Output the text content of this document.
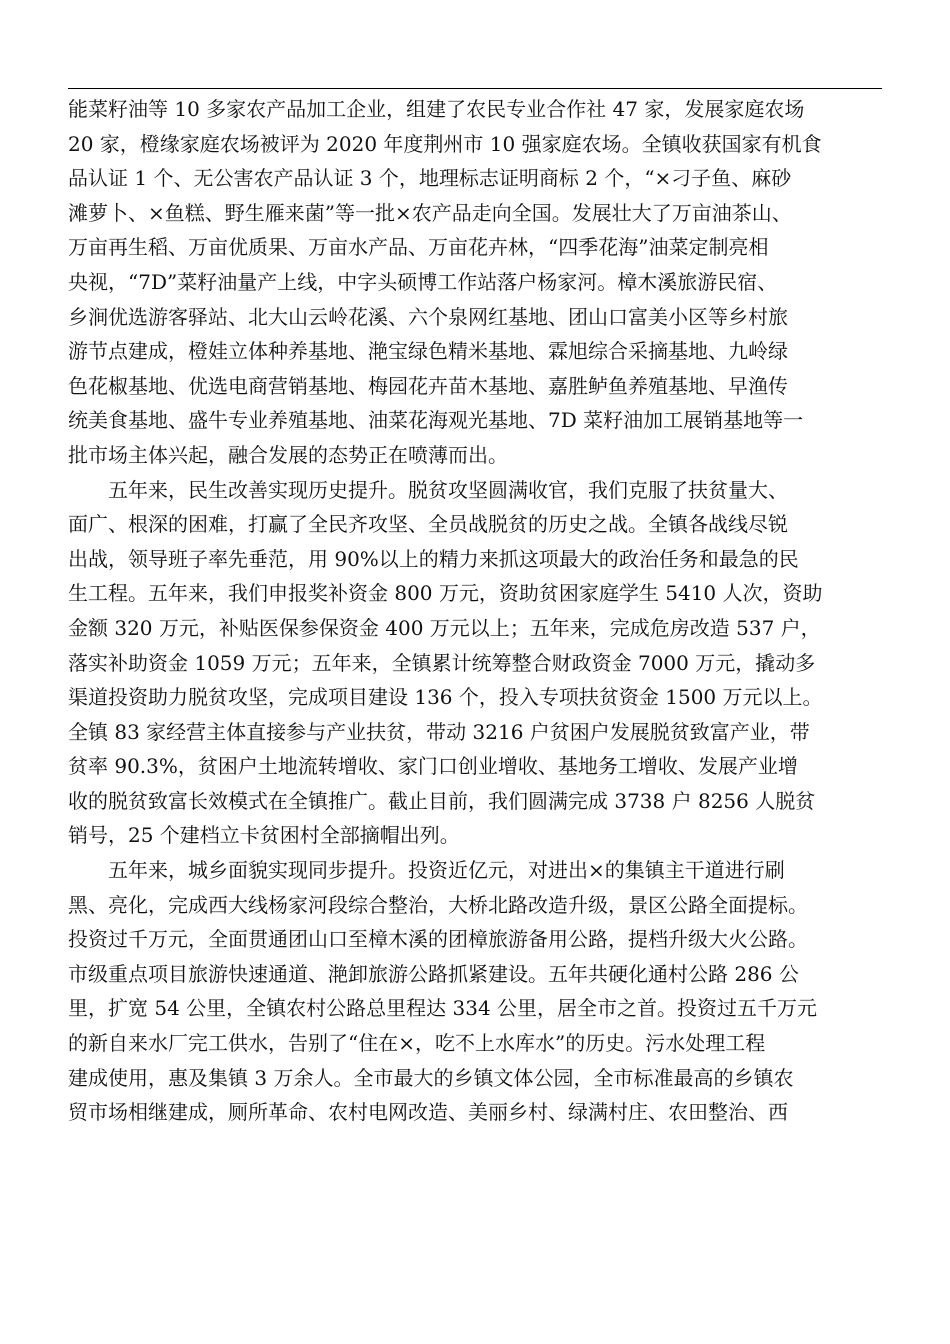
能菜籽油等 10 多家农产品加工企业，组建了农民专业合作社 47 家，发展家庭农场
20 家，橙缘家庭农场被评为 2020 年度荆州市 10 强家庭农场。全镇收获国家有机食
品认证 1 个、无公害农产品认证 3 个，地理标志证明商标 2 个，“×刁子鱼、麻砂
滩萝卜、×鱼糕、野生雁来菌”等一批×农产品走向全国。发展壮大了万亩油茶山、
万亩再生稻、万亩优质果、万亩水产品、万亩花卉林，“四季花海”油菜定制亮相
央视，“7D”菜籽油量产上线，中字头硕博工作站落户杨家河。樟木溪旅游民宿、
乡涧优选游客驿站、北大山云岭花溪、六个泉网红基地、团山口富美小区等乡村旅
游节点建成，橙娃立体种养基地、滟宝绿色精米基地、霖旭综合采摘基地、九岭绿
色花椒基地、优选电商营销基地、梅园花卉苗木基地、嘉胜鲈鱼养殖基地、早渔传
统美食基地、盛牛专业养殖基地、油菜花海观光基地、7D 菜籽油加工展销基地等一
批市场主体兴起，融合发展的态势正在喷薄而出。
五年来，民生改善实现历史提升。脱贫攻坚圆满收官，我们克服了扶贫量大、
面广、根深的困难，打赢了全民齐攻坚、全员战脱贫的历史之战。全镇各战线尽锐
出战，领导班子率先垂范，用 90%以上的精力来抓这项最大的政治任务和最急的民
生工程。五年来，我们申报奖补资金 800 万元，资助贫困家庭学生 5410 人次，资助
金额 320 万元，补贴医保参保资金 400 万元以上；五年来，完成危房改造 537 户，
落实补助资金 1059 万元；五年来，全镇累计统筹整合财政资金 7000 万元，撬动多
渠道投资助力脱贫攻坚，完成项目建设 136 个，投入专项扶贫资金 1500 万元以上。
全镇 83 家经营主体直接参与产业扶贫，带动 3216 户贫困户发展脱贫致富产业，带
贫率 90.3%，贫困户土地流转增收、家门口创业增收、基地务工增收、发展产业增
收的脱贫致富长效模式在全镇推广。截止目前，我们圆满完成 3738 户 8256 人脱贫
销号，25 个建档立卡贫困村全部摘帽出列。
五年来，城乡面貌实现同步提升。投资近亿元，对进出×的集镇主干道进行刷
黑、亮化，完成西大线杨家河段综合整治，大桥北路改造升级，景区公路全面提标。
投资过千万元，全面贯通团山口至樟木溪的团樟旅游备用公路，提档升级大火公路。
市级重点项目旅游快速通道、滟卸旅游公路抓紧建设。五年共硬化通村公路 286 公
里，扩宽 54 公里，全镇农村公路总里程达 334 公里，居全市之首。投资过五千万元
的新自来水厂完工供水，告别了“住在×，吃不上水库水”的历史。污水处理工程
建成使用，惠及集镇 3 万余人。全市最大的乡镇文体公园，全市标准最高的乡镇农
贸市场相继建成，厕所革命、农村电网改造、美丽乡村、绿满村庄、农田整治、西
